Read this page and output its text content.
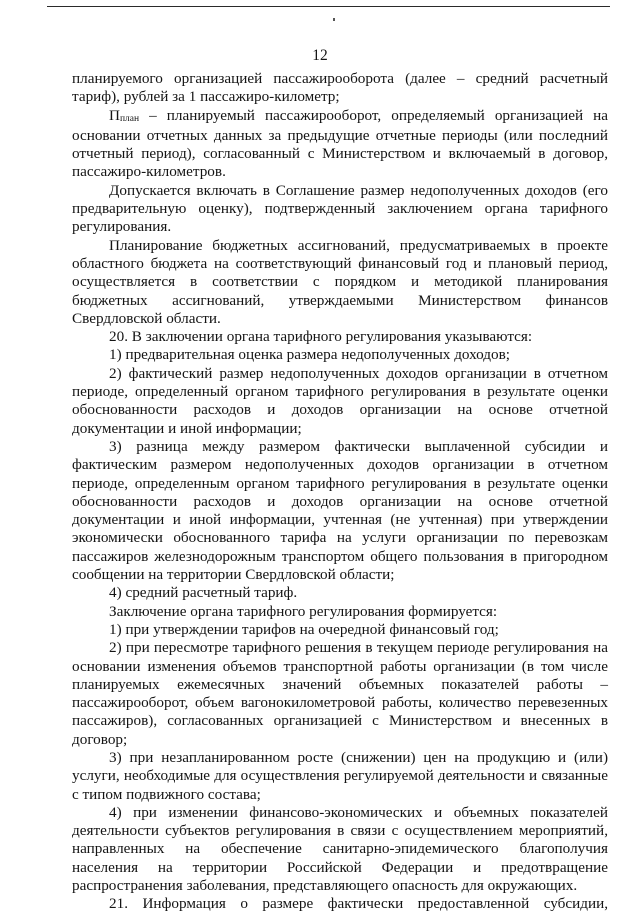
12

планируемого организацией пассажирооборота (далее – средний расчетный тариф), рублей за 1 пассажиро-километр;

$П_{план}$ – планируемый пассажирооборот, определяемый организацией на основании отчетных данных за предыдущие отчетные периоды (или последний отчетный период), согласованный с Министерством и включаемый в договор, пассажиро-километров.

Допускается включать в Соглашение размер недополученных доходов (его предварительную оценку), подтвержденный заключением органа тарифного регулирования.

Планирование бюджетных ассигнований, предусматриваемых в проекте областного бюджета на соответствующий финансовый год и плановый период, осуществляется в соответствии с порядком и методикой планирования бюджетных ассигнований, утверждаемыми Министерством финансов Свердловской области.

20. В заключении органа тарифного регулирования указываются:

1) предварительная оценка размера недополученных доходов;

2) фактический размер недополученных доходов организации в отчетном периоде, определенный органом тарифного регулирования в результате оценки обоснованности расходов и доходов организации на основе отчетной документации и иной информации;

3) разница между размером фактически выплаченной субсидии и фактическим размером недополученных доходов организации в отчетном периоде, определенным органом тарифного регулирования в результате оценки обоснованности расходов и доходов организации на основе отчетной документации и иной информации, учтенная (не учтенная) при утверждении экономически обоснованного тарифа на услуги организации по перевозкам пассажиров железнодорожным транспортом общего пользования в пригородном сообщении на территории Свердловской области;

4) средний расчетный тариф.

Заключение органа тарифного регулирования формируется:

1) при утверждении тарифов на очередной финансовый год;

2) при пересмотре тарифного решения в текущем периоде регулирования на основании изменения объемов транспортной работы организации (в том числе планируемых ежемесячных значений объемных показателей работы – пассажирооборот, объем вагонокилометровой работы, количество перевезенных пассажиров), согласованных организацией с Министерством и внесенных в договор;

3) при незапланированном росте (снижении) цен на продукцию и (или) услуги, необходимые для осуществления регулируемой деятельности и связанные с типом подвижного состава;

4) при изменении финансово-экономических и объемных показателей деятельности субъектов регулирования в связи с осуществлением мероприятий, направленных на обеспечение санитарно-эпидемического благополучия населения на территории Российской Федерации и предотвращение распространения заболевания, представляющего опасность для окружающих.

21. Информация о размере фактически предоставленной субсидии,
